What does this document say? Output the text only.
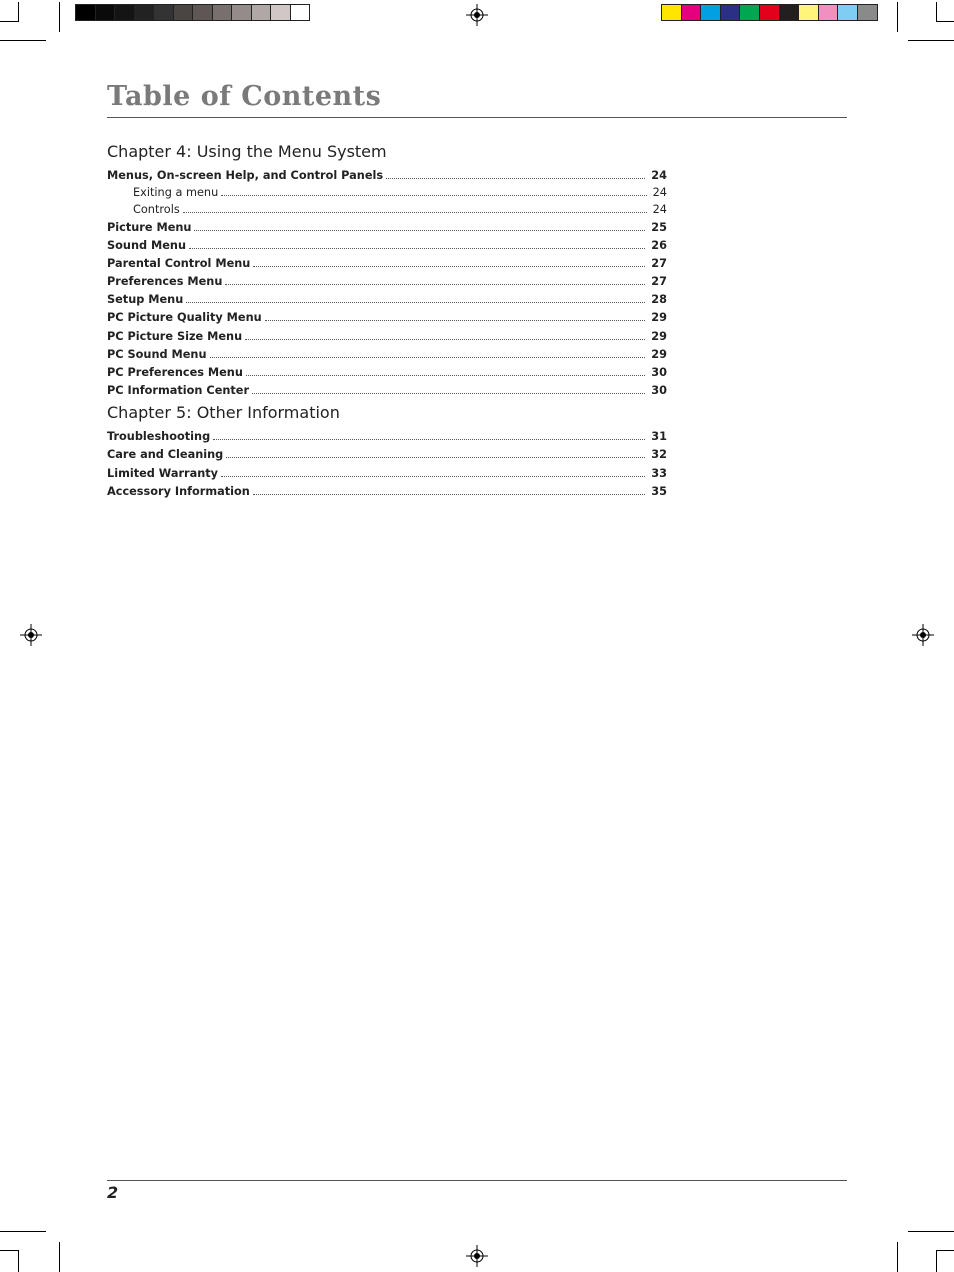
Table of Contents
Chapter 4: Using the Menu System
Menus, On-screen Help, and Control Panels	24
Exiting a menu	24
Controls	24
Picture Menu	25
Sound Menu	26
Parental Control Menu	27
Preferences Menu	27
Setup Menu	28
PC Picture Quality Menu	29
PC Picture Size Menu	29
PC Sound Menu	29
PC Preferences Menu	30
PC Information Center	30
Chapter 5: Other Information
Troubleshooting	31
Care and Cleaning	32
Limited Warranty	33
Accessory Information	35
2
